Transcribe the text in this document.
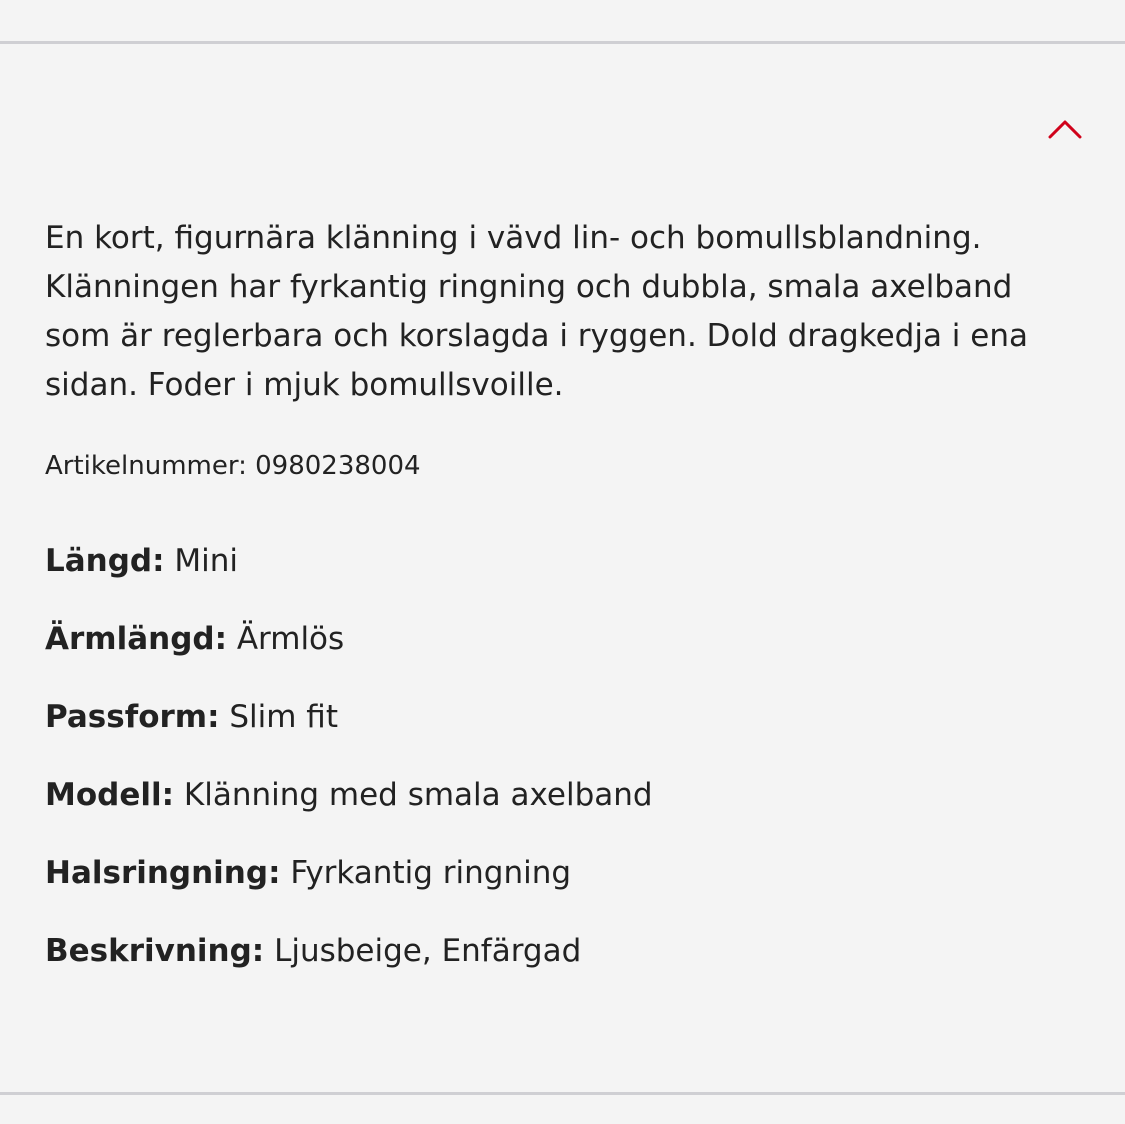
En kort, figurnära klänning i vävd lin- och bomullsblandning. Klänningen har fyrkantig ringning och dubbla, smala axelband som är reglerbara och korslagda i ryggen. Dold dragkedja i ena sidan. Foder i mjuk bomullsvoille.

Artikelnummer: 0980238004
Längd: Mini
Ärmlängd: Ärmlös
Passform: Slim fit
Modell: Klänning med smala axelband
Halsringning: Fyrkantig ringning
Beskrivning: Ljusbeige, Enfärgad
